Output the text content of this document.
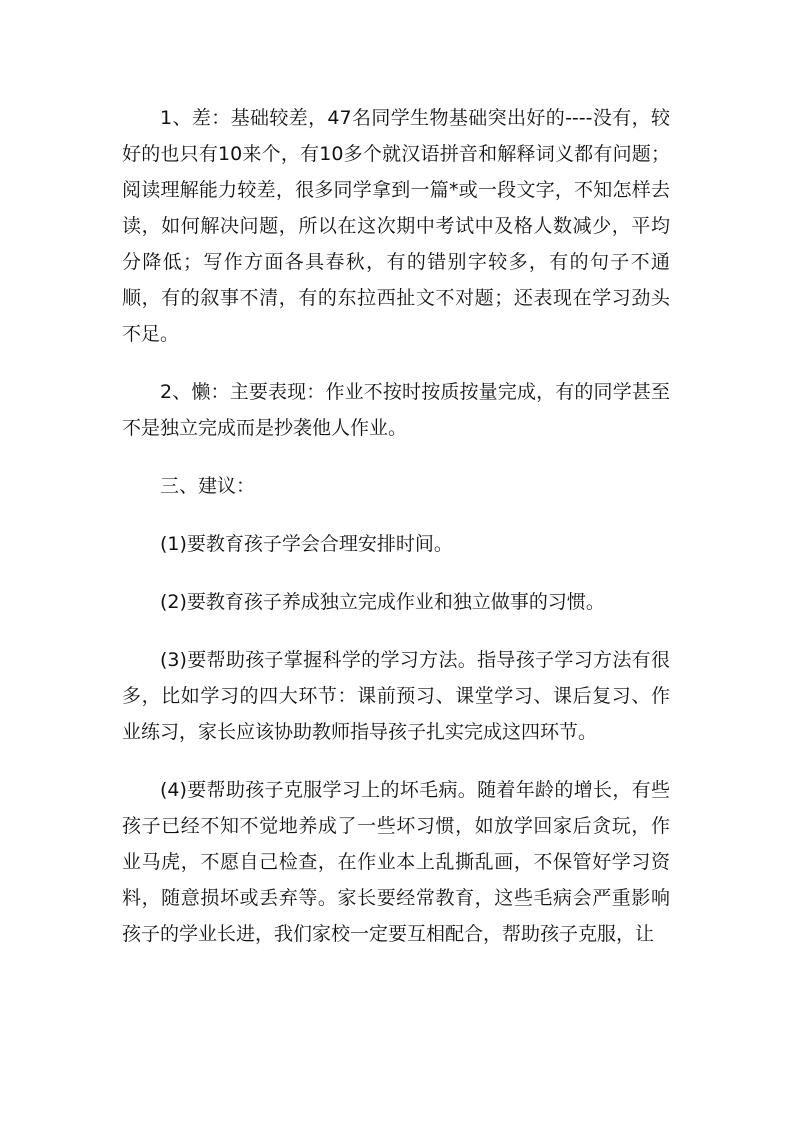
1、差：基础较差，47名同学生物基础突出好的----没有，较好的也只有10来个，有10多个就汉语拼音和解释词义都有问题；阅读理解能力较差，很多同学拿到一篇*或一段文字，不知怎样去读，如何解决问题，所以在这次期中考试中及格人数减少，平均分降低；写作方面各具春秋，有的错别字较多，有的句子不通顺，有的叙事不清，有的东拉西扯文不对题；还表现在学习劲头不足。

2、懒：主要表现：作业不按时按质按量完成，有的同学甚至不是独立完成而是抄袭他人作业。

三、建议：

(1)要教育孩子学会合理安排时间。

(2)要教育孩子养成独立完成作业和独立做事的习惯。

(3)要帮助孩子掌握科学的学习方法。指导孩子学习方法有很多，比如学习的四大环节：课前预习、课堂学习、课后复习、作业练习，家长应该协助教师指导孩子扎实完成这四环节。

(4)要帮助孩子克服学习上的坏毛病。随着年龄的增长，有些孩子已经不知不觉地养成了一些坏习惯，如放学回家后贪玩，作业马虎，不愿自己检查，在作业本上乱撕乱画，不保管好学习资料，随意损坏或丢弃等。家长要经常教育，这些毛病会严重影响孩子的学业长进，我们家校一定要互相配合，帮助孩子克服，让
